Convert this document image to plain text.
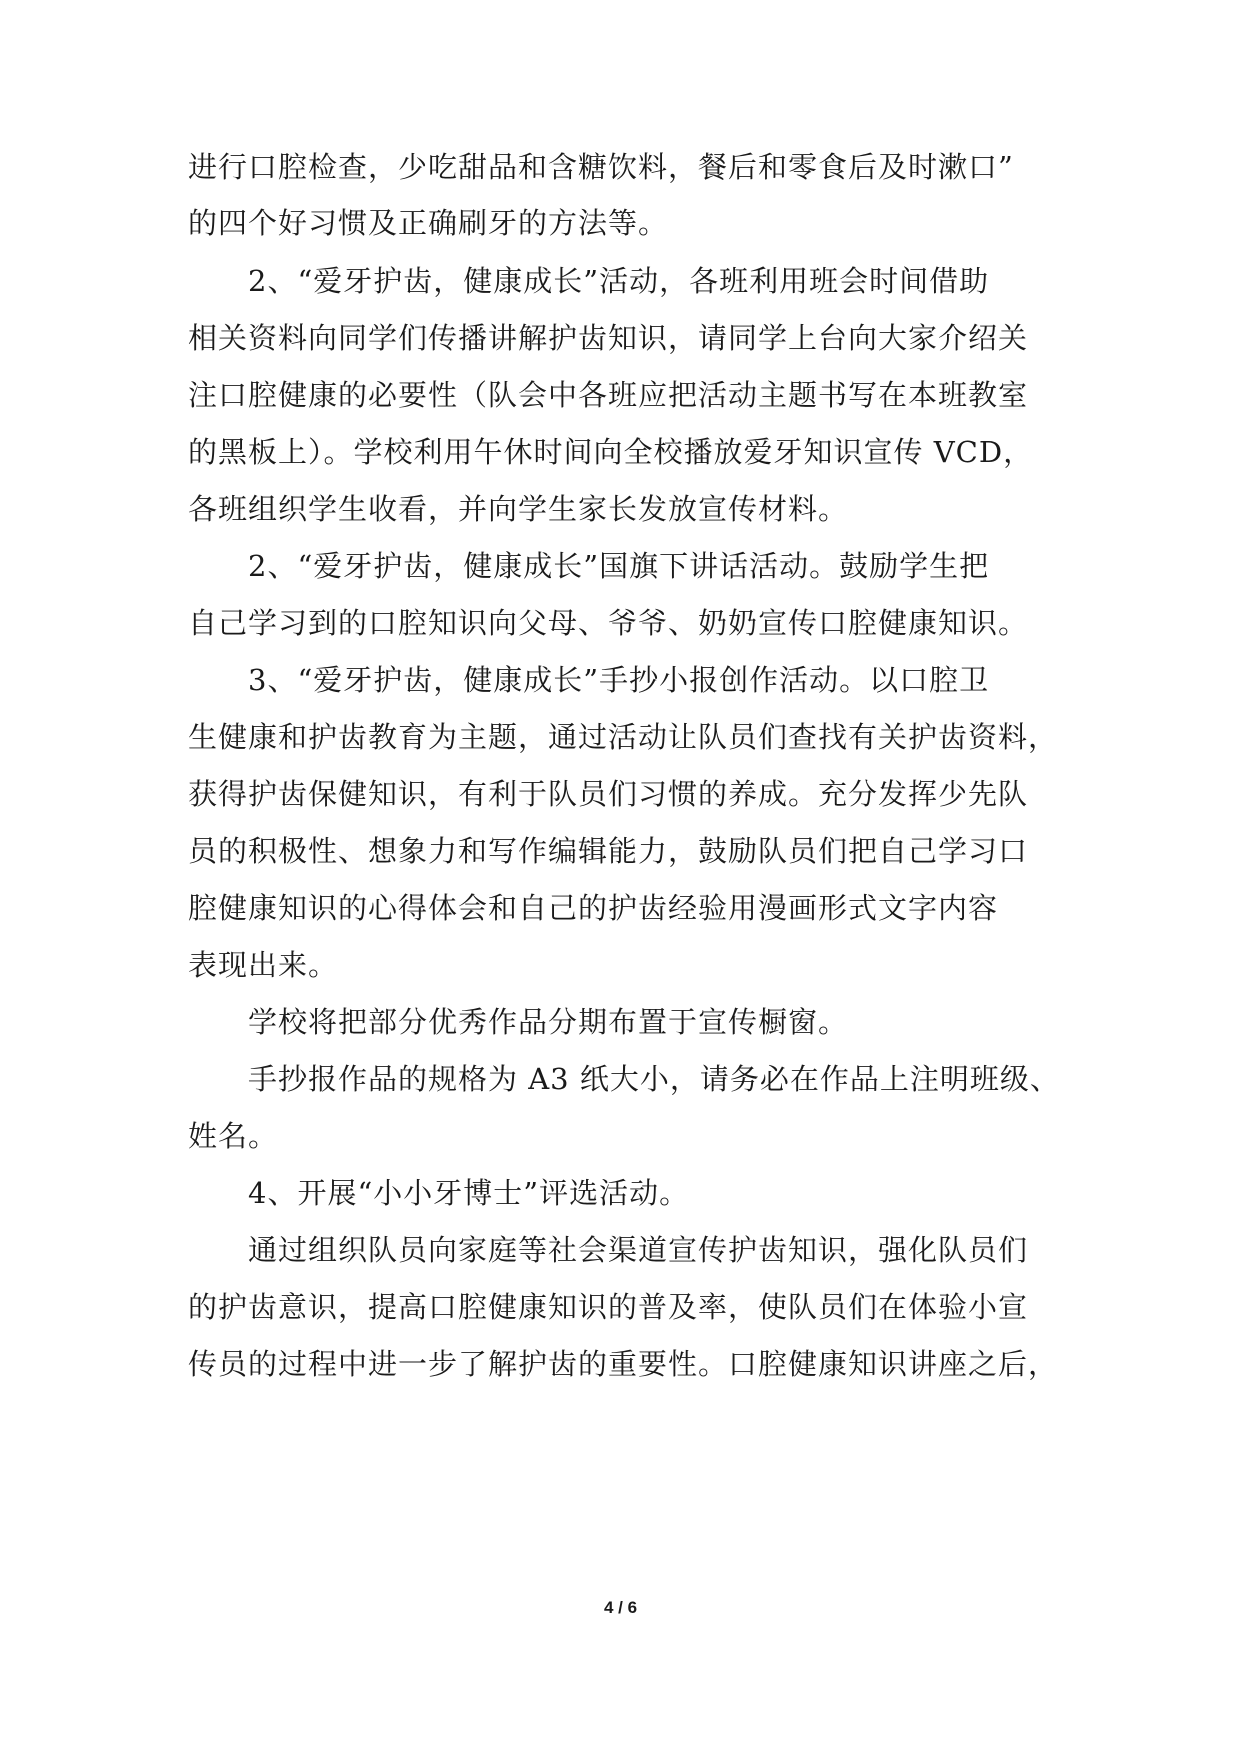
进行口腔检查，少吃甜品和含糖饮料，餐后和零食后及时漱口”
的四个好习惯及正确刷牙的方法等。
2、“爱牙护齿，健康成长”活动，各班利用班会时间借助
相关资料向同学们传播讲解护齿知识，请同学上台向大家介绍关
注口腔健康的必要性（队会中各班应把活动主题书写在本班教室
的黑板上）。学校利用午休时间向全校播放爱牙知识宣传 VCD，
各班组织学生收看，并向学生家长发放宣传材料。
2、“爱牙护齿，健康成长”国旗下讲话活动。鼓励学生把
自己学习到的口腔知识向父母、爷爷、奶奶宣传口腔健康知识。
3、“爱牙护齿，健康成长”手抄小报创作活动。以口腔卫
生健康和护齿教育为主题，通过活动让队员们查找有关护齿资料，
获得护齿保健知识，有利于队员们习惯的养成。充分发挥少先队
员的积极性、想象力和写作编辑能力，鼓励队员们把自己学习口
腔健康知识的心得体会和自己的护齿经验用漫画形式文字内容
表现出来。
学校将把部分优秀作品分期布置于宣传橱窗。
手抄报作品的规格为 A3 纸大小，请务必在作品上注明班级、
姓名。
4、开展“小小牙博士”评选活动。
通过组织队员向家庭等社会渠道宣传护齿知识，强化队员们
的护齿意识，提高口腔健康知识的普及率，使队员们在体验小宣
传员的过程中进一步了解护齿的重要性。口腔健康知识讲座之后，
4 / 6
